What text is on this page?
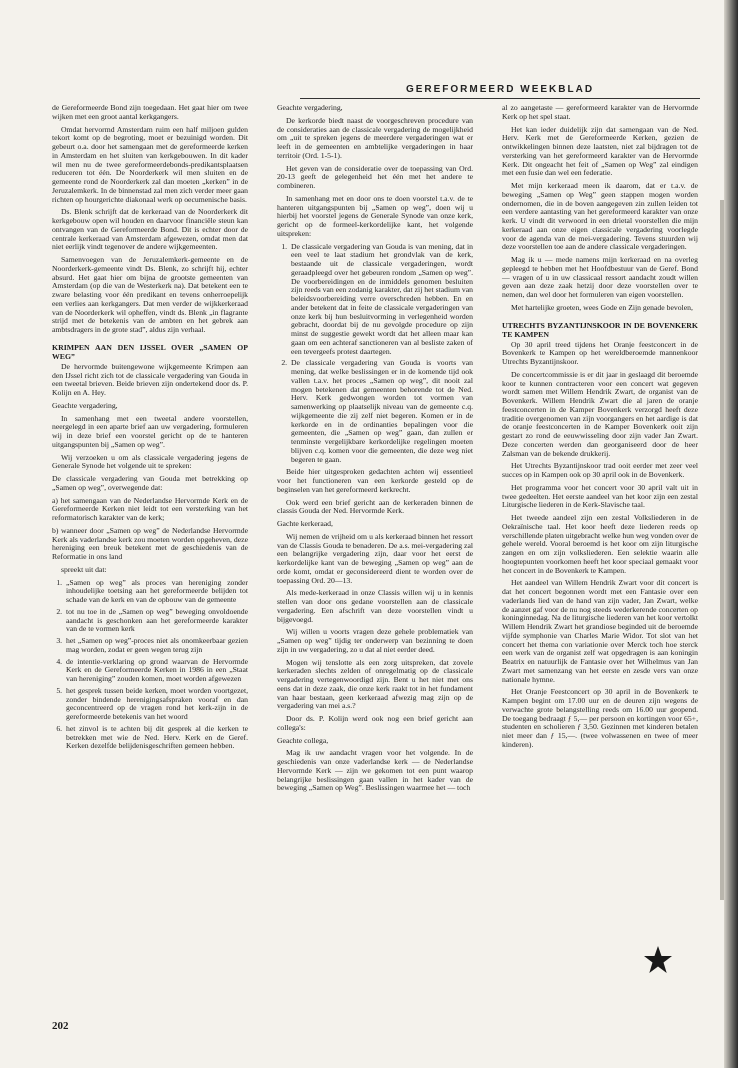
GEREFORMEERD WEEKBLAD

de Gereformeerde Bond zijn toegedaan. Het gaat hier om twee wijken met een groot aantal kerkgangers.

Omdat hervormd Amsterdam ruim een half miljoen gulden tekort komt op de begroting, moet er bezuinigd worden. Dit gebeurt o.a. door het samengaan met de gereformeerde kerken in Amsterdam en het sluiten van kerkgebouwen. In dit kader wil men nu de twee gereformeerdebonds-predikantsplaatsen reduceren tot één. De Noorderkerk wil men sluiten en de gemeente rond de Noorderkerk zal dan moeten „kerken” in de Jeruzalemkerk. In de binnenstad zal men zich verder meer gaan richten op hourgerichte diakonaal werk op oecumenische basis.

Ds. Blenk schrijft dat de kerkeraad van de Noorderkerk dit kerkgebouw open wil houden en daarvoor financiële steun kan ontvangen van de Gereformeerde Bond. Dit is echter door de centrale kerkeraad van Amsterdam afgewezen, omdat men dat niet eerlijk vindt tegenover de andere wijkgemeenten.

Samenvoegen van de Jeruzalemkerk-gemeente en de Noorderkerk-gemeente vindt Ds. Blenk, zo schrijft hij, echter absurd. Het gaat hier om bijna de grootste gemeenten van Amsterdam (op die van de Westerkerk na). Dat betekent een te zware belasting voor één predikant en tevens onherroepelijk een verlies aan kerkgangers. Dat men verder de wijkkerkeraad van de Noorderkerk wil opheffen, vindt ds. Blenk „in flagrante strijd met de betekenis van de ambten en het gebrek aan ambtsdragers in de grote stad”, aldus zijn verhaal.

KRIMPEN AAN DEN IJSSEL OVER „SAMEN OP WEG”

De hervormde buitengewone wijkgemeente Krimpen aan den IJssel richt zich tot de classicale vergadering van Gouda in een tweetal brieven. Beide brieven zijn ondertekend door ds. P. Kolijn en A. Hey.

Geachte vergadering,

In samenhang met een tweetal andere voorstellen, neergelegd in een aparte brief aan uw vergadering, formuleren wij in deze brief een voorstel gericht op de te hanteren uitgangspunten bij „Samen op weg”.

Wij verzoeken u om als classicale vergadering jegens de Generale Synode het volgende uit te spreken:

De classicale vergadering van Gouda met betrekking op „Samen op weg”, overwegende dat:

a) het samengaan van de Nederlandse Hervormde Kerk en de Gereformeerde Kerken niet leidt tot een versterking van het reformatorisch karakter van de kerk;

b) wanneer door „Samen op weg” de Nederlandse Hervormde Kerk als vaderlandse kerk zou moeten worden opgeheven, deze hereniging een breuk betekent met de geschiedenis van de Reformatie in ons land

spreekt uit dat:

1. „Samen op weg” als proces van hereniging zonder inhoudelijke toetsing aan het gereformeerde belijden tot schade van de kerk en van de opbouw van de gemeente
2. tot nu toe in de „Samen op weg” beweging onvoldoende aandacht is geschonken aan het gereformeerde karakter van de te vormen kerk
3. het „Samen op weg”-proces niet als onomkeerbaar gezien mag worden, zodat er geen wegen terug zijn
4. de intentie-verklaring op grond waarvan de Hervormde Kerk en de Gereformeerde Kerken in 1986 in een „Staat van hereniging” zouden komen, moet worden afgewezen
5. het gesprek tussen beide kerken, moet worden voortgezet, zonder bindende herenigingsafspraken vooraf en dan geconcentreerd op de vragen rond het kerk-zijn in de gereformeerde betekenis van het woord
6. het zinvol is te achten bij dit gesprek al die kerken te betrekken met wie de Ned. Herv. Kerk en de Geref. Kerken dezelfde belijdenisgeschriften gemeen hebben.

Geachte vergadering,

De kerkorde biedt naast de voorgeschreven procedure van de consideraties aan de classicale vergadering de mogelijkheid om „uit te spreken jegens de meerdere vergaderingen wat er leeft in de gemeenten en ambtelijke vergaderingen in haar territoir (Ord. 1-5-1).

Het geven van de consideratie over de toepassing van Ord. 20-13 geeft de gelegenheid het één met het andere te combineren.

In samenhang met en door ons te doen voorstel t.a.v. de te hanteren uitgangspunten bij „Samen op weg”, doen wij u hierbij het voorstel jegens de Generale Synode van onze kerk, gericht op de formeel-kerkordelijke kant, het volgende uitspreken:

1. De classicale vergadering van Gouda is van mening, dat in een veel te laat stadium het grondvlak van de kerk, bestaande uit de classicale vergaderingen, wordt geraadpleegd over het gebeuren rondom „Samen op weg”. De voorbereidingen en de inmiddels genomen besluiten zijn reeds van een zodanig karakter, dat zij het stadium van beleidsvoorbereiding verre overschreden hebben. En en ander betekent dat in feite de classicale vergaderingen van onze kerk bij hun besluitvorming in verlegenheid worden gebracht, doordat bij de nu gevolgde procedure op zijn minst de suggestie gewekt wordt dat het alleen maar kan gaan om een achteraf sanctioneren van al besliste zaken of een tevergeefs protest daartegen.
2. De classicale vergadering van Gouda is voorts van mening, dat welke beslissingen er in de komende tijd ook vallen t.a.v. het proces „Samen op weg”, dit nooit zal mogen betekenen dat gemeenten behorende tot de Ned. Herv. Kerk gedwongen worden tot vormen van samenwerking op plaatselijk niveau van de gemeente c.q. wijkgemeente die zij zelf niet begeren. Komen er in de kerkorde en in de ordinanties bepalingen voor die gemeenten, die „Samen op weg” gaan, dan zullen er tenminste vergelijkbare kerkordelijke regelingen moeten blijven c.q. komen voor die gemeenten, die deze weg niet begeren te gaan.

Beide hier uitgesproken gedachten achten wij essentieel voor het functioneren van een kerkorde gesteld op de beginselen van het gereformeerd kerkrecht.

Ook werd een brief gericht aan de kerkeraden binnen de classis Gouda der Ned. Hervormde Kerk.

Gachte kerkeraad,

Wij nemen de vrijheid om u als kerkeraad binnen het ressort van de Classis Gouda te benaderen. De a.s. mei-vergadering zal een belangrijke vergadering zijn, daar voor het eerst de kerkordelijke kant van de beweging „Samen op weg” aan de orde komt, omdat er geconsidereerd dient te worden over de toepassing Ord. 20—13.

Als mede-kerkeraad in onze Classis willen wij u in kennis stellen van door ons gedane voorstellen aan de classicale vergadering. Een afschrift van deze voorstellen vindt u bijgevoegd.

Wij willen u voorts vragen deze gehele problematiek van „Samen op weg” tijdig ter onderwerp van bezinning te doen zijn in uw vergadering, zo u dat al niet eerder deed.

Mogen wij tenslotte als een zorg uitspreken, dat zovele kerkeraden slechts zelden of onregelmatig op de classicale vergadering vertegenwoordigd zijn. Bent u het niet met ons eens dat in deze zaak, die onze kerk raakt tot in het fundament van haar bestaan, geen kerkeraad afwezig mag zijn op de vergadering van mei a.s.?

Door ds. P. Kolijn werd ook nog een brief gericht aan collega's:

Geachte collega,

Mag ik uw aandacht vragen voor het volgende. In de geschiedenis van onze vaderlandse kerk — de Nederlandse Hervormde Kerk — zijn we gekomen tot een punt waarop belangrijke beslissingen gaan vallen in het kader van de beweging „Samen op Weg”. Beslissingen waarmee het — toch

al zo aangetaste — gereformeerd karakter van de Hervormde Kerk op het spel staat.

Het kan ieder duidelijk zijn dat samengaan van de Ned. Herv. Kerk met de Gereformeerde Kerken, gezien de ontwikkelingen binnen deze laatsten, niet zal bijdragen tot de versterking van het gereformeerd karakter van de Hervormde Kerk. Dit ongeacht het feit of „Samen op Weg” zal eindigen met een fusie dan wel een federatie.

Met mijn kerkeraad meen ik daarom, dat er t.a.v. de beweging „Samen op Weg” geen stappen mogen worden ondernomen, die in de boven aangegeven zin zullen leiden tot een verdere aantasting van het gereformeerd karakter van onze kerk. U vindt dit verwoord in een drietal voorstellen die mijn kerkeraad aan onze eigen classicale vergadering voorlegde voor de agenda van de mei-vergadering. Tevens stuurden wij deze voorstellen toe aan de andere classicale vergaderingen.

Mag ik u — mede namens mijn kerkeraad en na overleg gepleegd te hebben met het Hoofdbestuur van de Geref. Bond — vragen of u in uw classicaal ressort aandacht zoudt willen geven aan deze zaak hetzij door deze voorstellen over te nemen, dan wel door het formuleren van eigen voorstellen.

Met hartelijke groeten, wees Gode en Zijn genade bevolen,

UTRECHTS BYZANTIJNSKOOR IN DE BOVENKERK TE KAMPEN

Op 30 april treed tijdens het Oranje feestconcert in de Bovenkerk te Kampen op het wereldberoemde mannenkoor Utrechts Byzantijnskoor.

De concertcommissie is er dit jaar in geslaagd dit beroemde koor te kunnen contracteren voor een concert wat gegeven wordt samen met Willem Hendrik Zwart, de organist van de Bovenkerk. Willem Hendrik Zwart die al jaren de oranje feestconcerten in de Kamper Bovenkerk verzorgd heeft deze traditie overgenomen van zijn voorgangers en het aardige is dat de oranje feestconcerten in de Kamper Bovenkerk ooit zijn gestart zo rond de eeuwwisseling door zijn vader Jan Zwart. Deze concerten werden dan georganiseerd door de heer Zalsman van de bekende drukkerij.

Het Utrechts Byzantijnskoor trad ooit eerder met zeer veel succes op in Kampen ook op 30 april ook in de Bovenkerk.

Het programma voor het concert voor 30 april valt uit in twee gedeelten. Het eerste aandeel van het koor zijn een zestal Liturgische liederen in de Kerk-Slavische taal.

Het tweede aandeel zijn een zestal Volksliederen in de Oekraïnische taal. Het koor heeft deze liederen reeds op verschillende platen uitgebracht welke hun weg vonden over de gehele wereld. Vooral beroemd is het koor om zijn liturgische zangen en om zijn volksliederen. Een selektie waarin alle hoogtepunten voorkomen heeft het koor speciaal gemaakt voor het concert in de Bovenkerk te Kampen.

Het aandeel van Willem Hendrik Zwart voor dit concert is dat het concert begonnen wordt met een Fantasie over een vaderlands lied van de hand van zijn vader, Jan Zwart, welke de aanzet gaf voor de nu nog steeds wederkerende concerten op koninginnedag. Na de liturgische liederen van het koor vertolkt Willem Hendrik Zwart het grandiose beginded uit de beroemde vijfde symphonie van Charles Marie Widor. Tot slot van het concert het thema con variationie over Merck toch hoe sterck een werk van de organist zelf wat opgedragen is aan koningin Beatrix en natuurlijk de Fantasie over het Wilhelmus van Jan Zwart met samenzang van het eerste en zesde vers van onze nationale hymne.

Het Oranje Feestconcert op 30 april in de Bovenkerk te Kampen begint om 17.00 uur en de deuren zijn wegens de verwachte grote belangstelling reeds om 16.00 uur geopend. De toegang bedraagt ƒ 5,— per persoon en kortingen voor 65+, studenten en scholieren ƒ 3,50. Gezinnen met kinderen betalen niet meer dan ƒ 15,—. (twee volwassenen en twee of meer kinderen).

202
